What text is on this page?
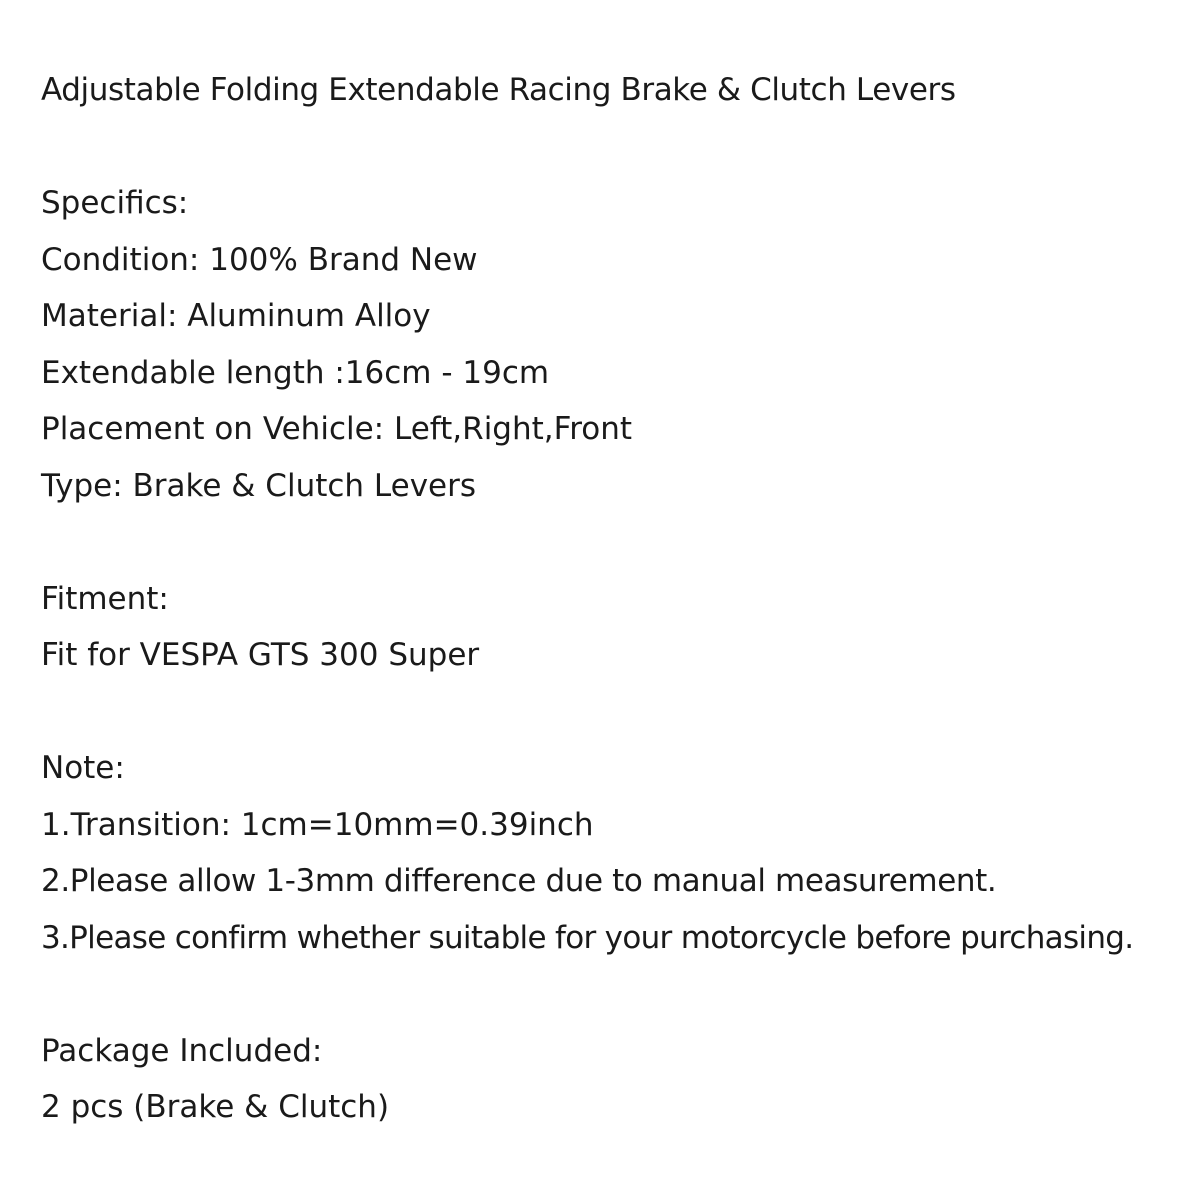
Adjustable Folding Extendable Racing Brake & Clutch Levers
Specifics:
Condition: 100% Brand New
Material: Aluminum Alloy
Extendable length :16cm - 19cm
Placement on Vehicle: Left,Right,Front
Type: Brake & Clutch Levers
Fitment:
Fit for VESPA GTS 300 Super
Note:
1.Transition: 1cm=10mm=0.39inch
2.Please allow 1-3mm difference due to manual measurement.
3.Please confirm whether suitable for your motorcycle before purchasing.
Package Included:
2 pcs (Brake & Clutch)
